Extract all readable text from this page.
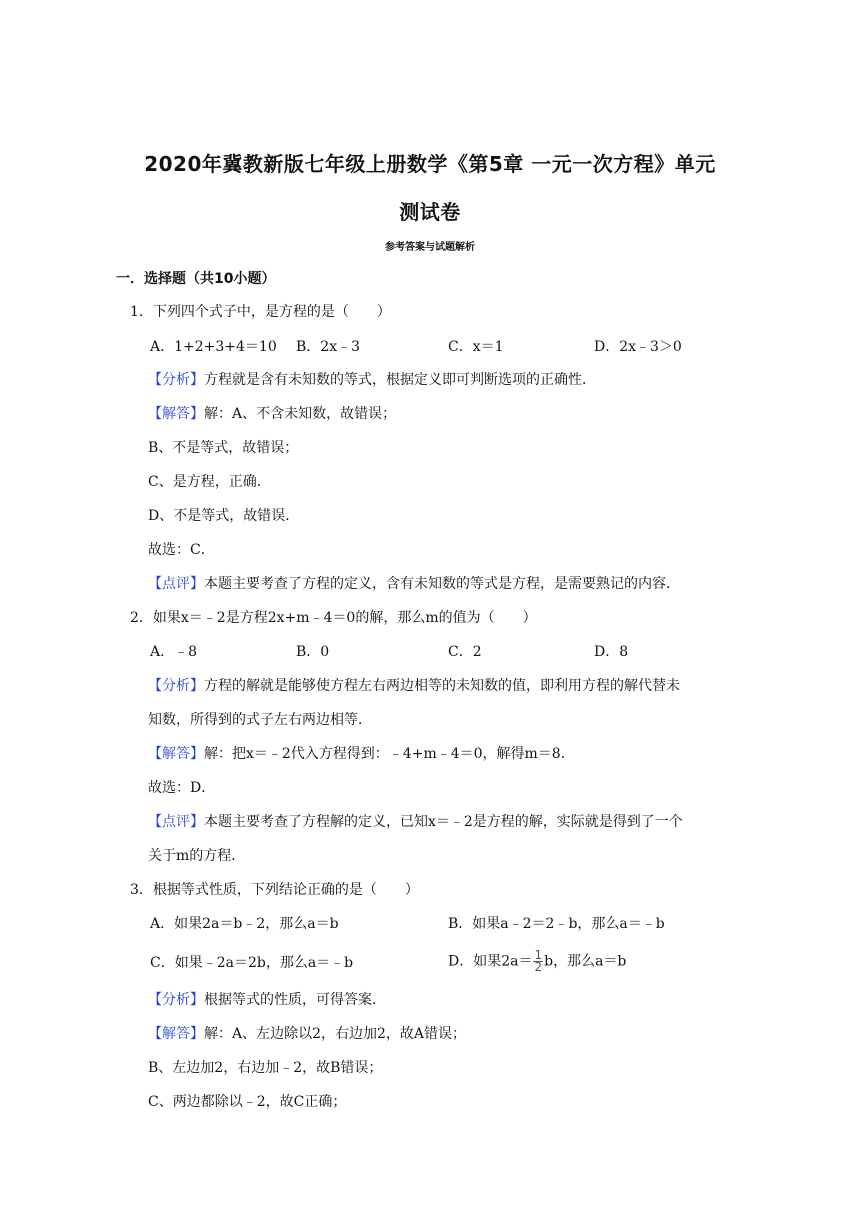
2020年冀教新版七年级上册数学《第5章 一元一次方程》单元
测试卷
参考答案与试题解析
一．选择题（共10小题）
1．下列四个式子中，是方程的是（　　）
A．1+2+3+4＝10 B．2x﹣3	C．x＝1	D．2x﹣3＞0
【分析】方程就是含有未知数的等式，根据定义即可判断选项的正确性．
【解答】解：A、不含未知数，故错误；
B、不是等式，故错误；
C、是方程，正确．
D、不是等式，故错误．
故选：C．
【点评】本题主要考查了方程的定义，含有未知数的等式是方程，是需要熟记的内容．
2．如果x＝﹣2是方程2x+m﹣4＝0的解，那么m的值为（　　）
A．﹣8	B．0	C．2	D．8
【分析】方程的解就是能够使方程左右两边相等的未知数的值，即利用方程的解代替未
知数，所得到的式子左右两边相等．
【解答】解：把x＝﹣2代入方程得到：﹣4+m﹣4＝0，解得m＝8．
故选：D．
【点评】本题主要考查了方程解的定义，已知x＝﹣2是方程的解，实际就是得到了一个
关于m的方程．
3．根据等式性质，下列结论正确的是（　　）
A．如果2a＝b﹣2，那么a＝b	B．如果a﹣2＝2﹣b，那么a＝﹣b
C．如果﹣2a＝2b，那么a＝﹣b	D．如果$2a= \frac{1}{2}$ b，那么a＝b
【分析】根据等式的性质，可得答案．
【解答】解：A、左边除以2，右边加2，故A错误；
B、左边加2，右边加﹣2，故B错误；
C、两边都除以﹣2，故C正确；
